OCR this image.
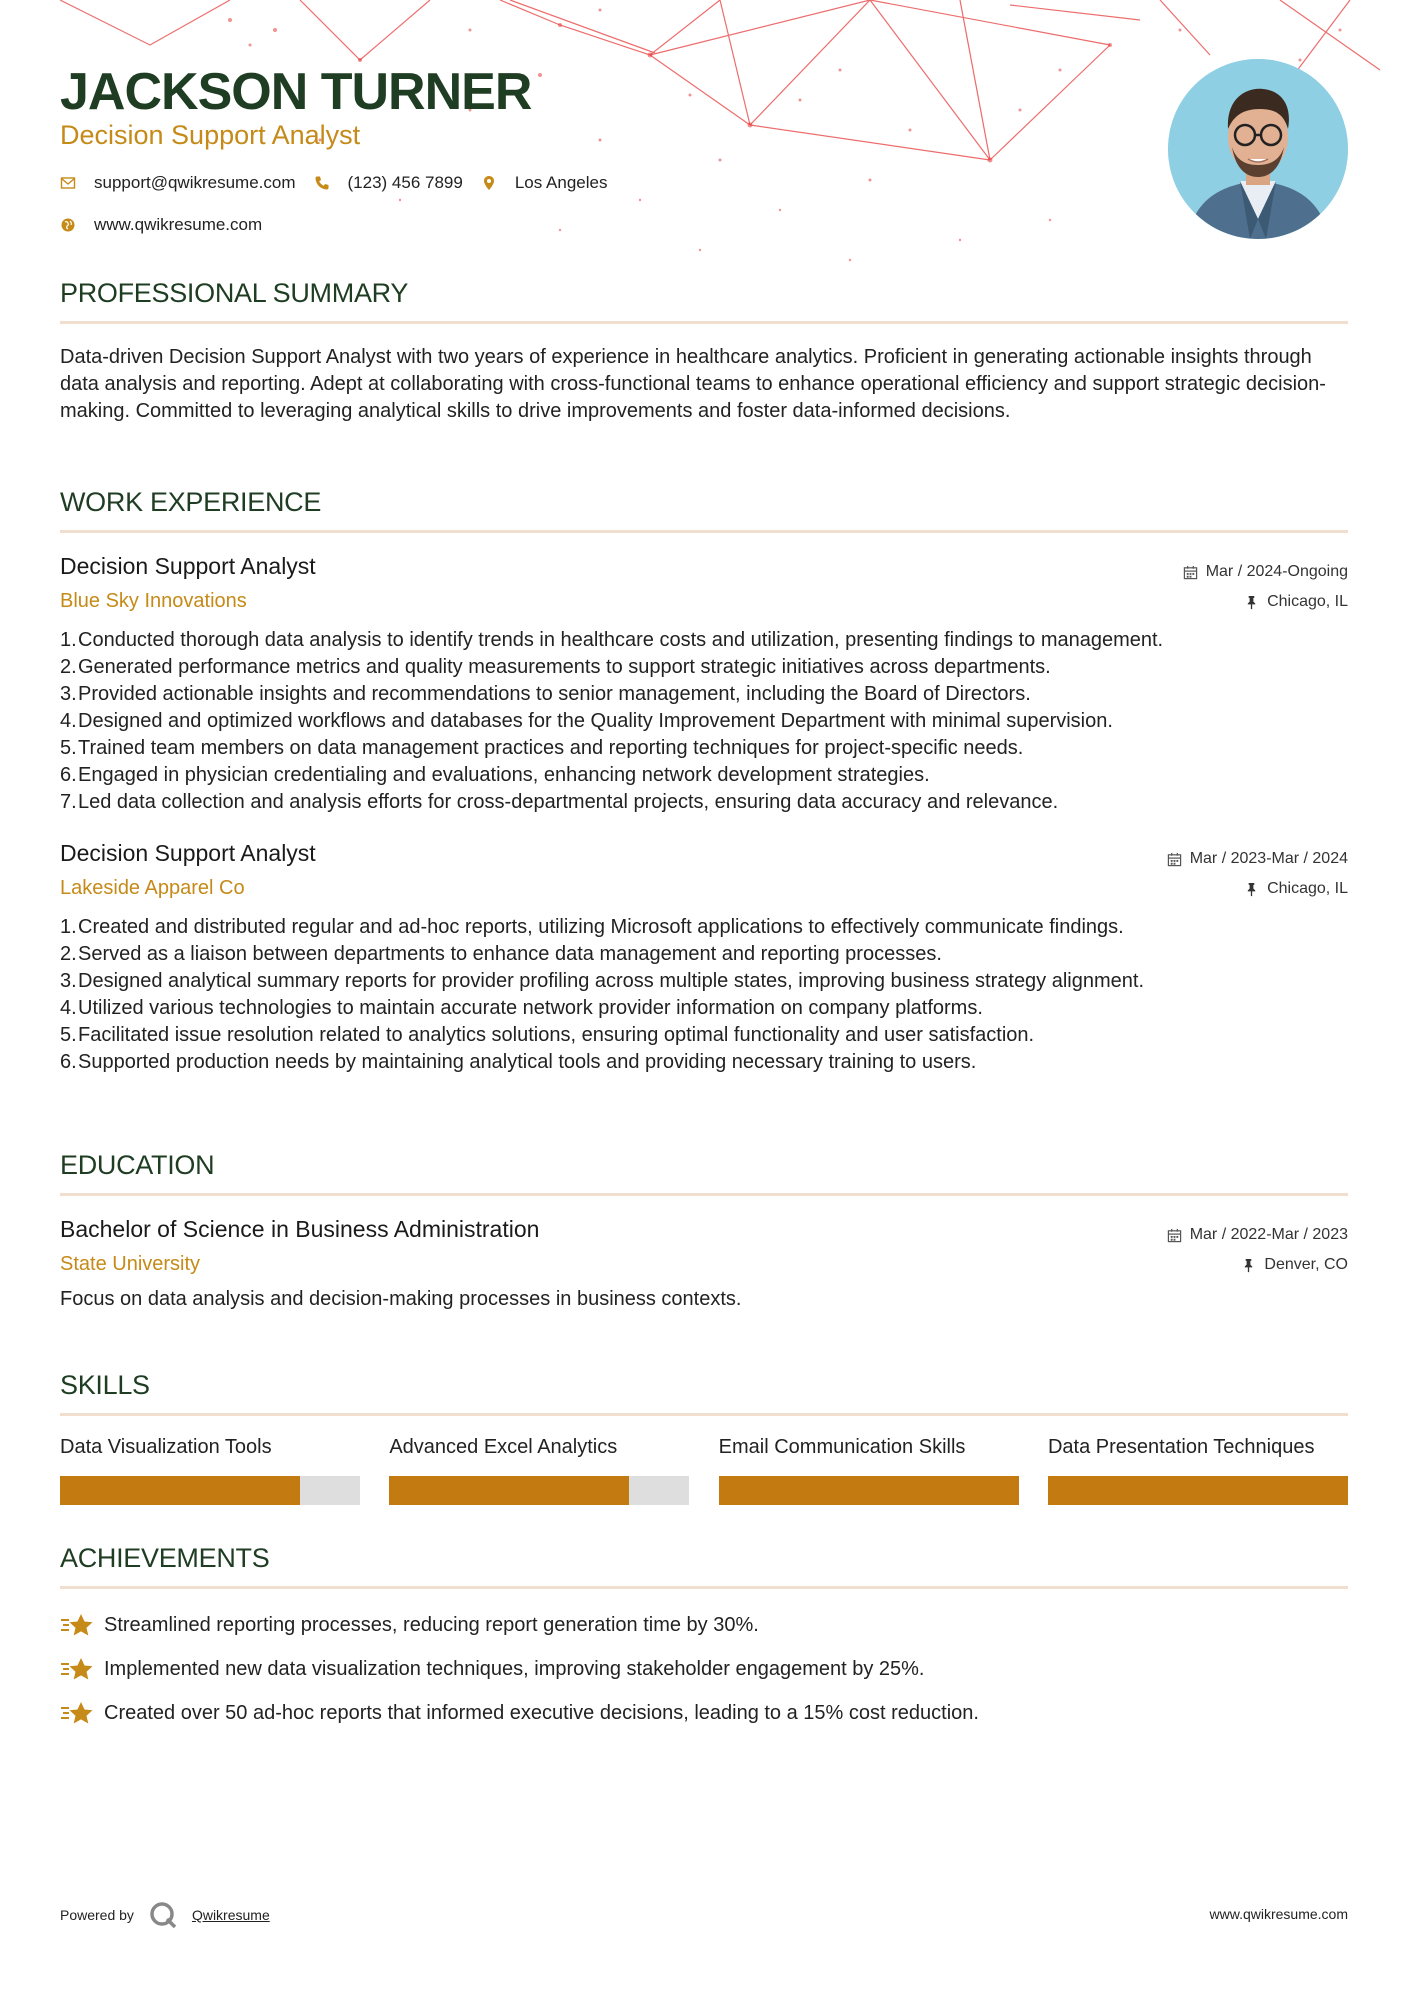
JACKSON TURNER
Decision Support Analyst
support@qwikresume.com	(123) 456 7899	Los Angeles
www.qwikresume.com
PROFESSIONAL SUMMARY
Data-driven Decision Support Analyst with two years of experience in healthcare analytics. Proficient in generating actionable insights through data analysis and reporting. Adept at collaborating with cross-functional teams to enhance operational efficiency and support strategic decision-making. Committed to leveraging analytical skills to drive improvements and foster data-informed decisions.
WORK EXPERIENCE
Decision Support Analyst
Blue Sky Innovations
Mar / 2024-Ongoing
Chicago, IL
1. Conducted thorough data analysis to identify trends in healthcare costs and utilization, presenting findings to management.
2. Generated performance metrics and quality measurements to support strategic initiatives across departments.
3. Provided actionable insights and recommendations to senior management, including the Board of Directors.
4. Designed and optimized workflows and databases for the Quality Improvement Department with minimal supervision.
5. Trained team members on data management practices and reporting techniques for project-specific needs.
6. Engaged in physician credentialing and evaluations, enhancing network development strategies.
7. Led data collection and analysis efforts for cross-departmental projects, ensuring data accuracy and relevance.
Decision Support Analyst
Lakeside Apparel Co
Mar / 2023-Mar / 2024
Chicago, IL
1. Created and distributed regular and ad-hoc reports, utilizing Microsoft applications to effectively communicate findings.
2. Served as a liaison between departments to enhance data management and reporting processes.
3. Designed analytical summary reports for provider profiling across multiple states, improving business strategy alignment.
4. Utilized various technologies to maintain accurate network provider information on company platforms.
5. Facilitated issue resolution related to analytics solutions, ensuring optimal functionality and user satisfaction.
6. Supported production needs by maintaining analytical tools and providing necessary training to users.
EDUCATION
Bachelor of Science in Business Administration
State University
Mar / 2022-Mar / 2023
Denver, CO
Focus on data analysis and decision-making processes in business contexts.
SKILLS
Data Visualization Tools	Advanced Excel Analytics	Email Communication Skills	Data Presentation Techniques
ACHIEVEMENTS
Streamlined reporting processes, reducing report generation time by 30%.
Implemented new data visualization techniques, improving stakeholder engagement by 25%.
Created over 50 ad-hoc reports that informed executive decisions, leading to a 15% cost reduction.
Powered by	Qwikresume	www.qwikresume.com
